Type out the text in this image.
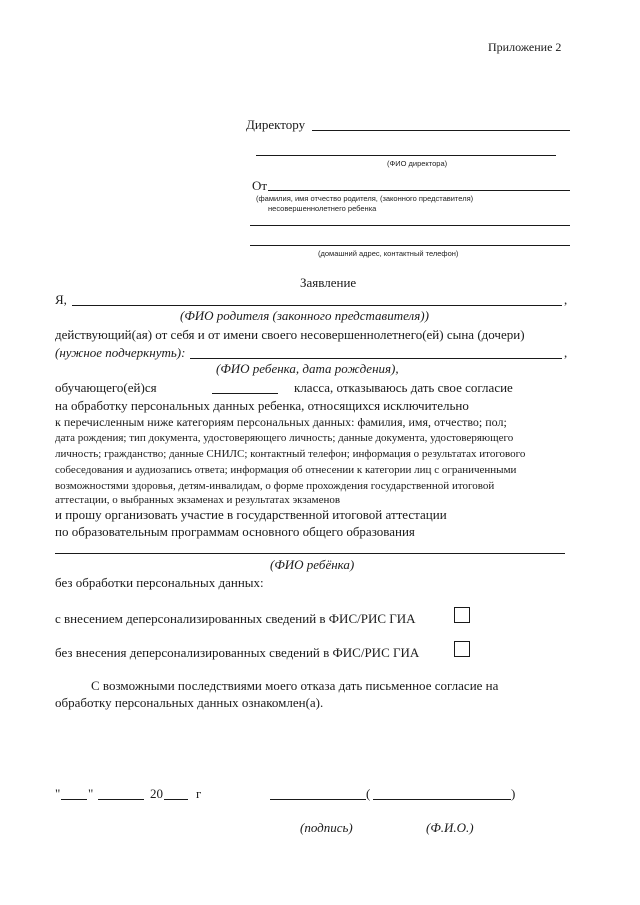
Приложение 2
Директору
(ФИО директора)
От
(фамилия, имя отчество родителя, (законного представителя)
несовершеннолетнего ребенка
(домашний адрес, контактный телефон)
Заявление
Я,	,
(ФИО родителя (законного представителя))
действующий(ая) от себя и от имени своего несовершеннолетнего(ей) сына (дочери)
(нужное подчеркнуть):	,
(ФИО ребенка, дата рождения),
обучающего(ей)ся	класса, отказываюсь дать свое согласие
на обработку персональных данных ребенка, относящихся исключительно
к перечисленным ниже категориям персональных данных: фамилия, имя, отчество; пол;
дата рождения; тип документа, удостоверяющего личность; данные документа, удостоверяющего
личность; гражданство; данные СНИЛС; контактный телефон; информация о результатах итогового
собеседования и аудиозапись ответа; информация об отнесении к категории лиц с ограниченными
возможностями здоровья, детям-инвалидам, о форме прохождения государственной итоговой
аттестации, о выбранных экзаменах и результатах экзаменов
и прошу организовать участие в государственной итоговой аттестации
по образовательным программам основного общего образования
(ФИО ребёнка)
без обработки персональных данных:
с внесением деперсонализированных сведений в ФИС/РИС ГИА
без внесения деперсонализированных сведений в ФИС/РИС ГИА
С возможными последствиями моего отказа дать письменное согласие на
обработку персональных данных ознакомлен(а).
" "	20	г	(	)
(подпись)	(Ф.И.О.)
